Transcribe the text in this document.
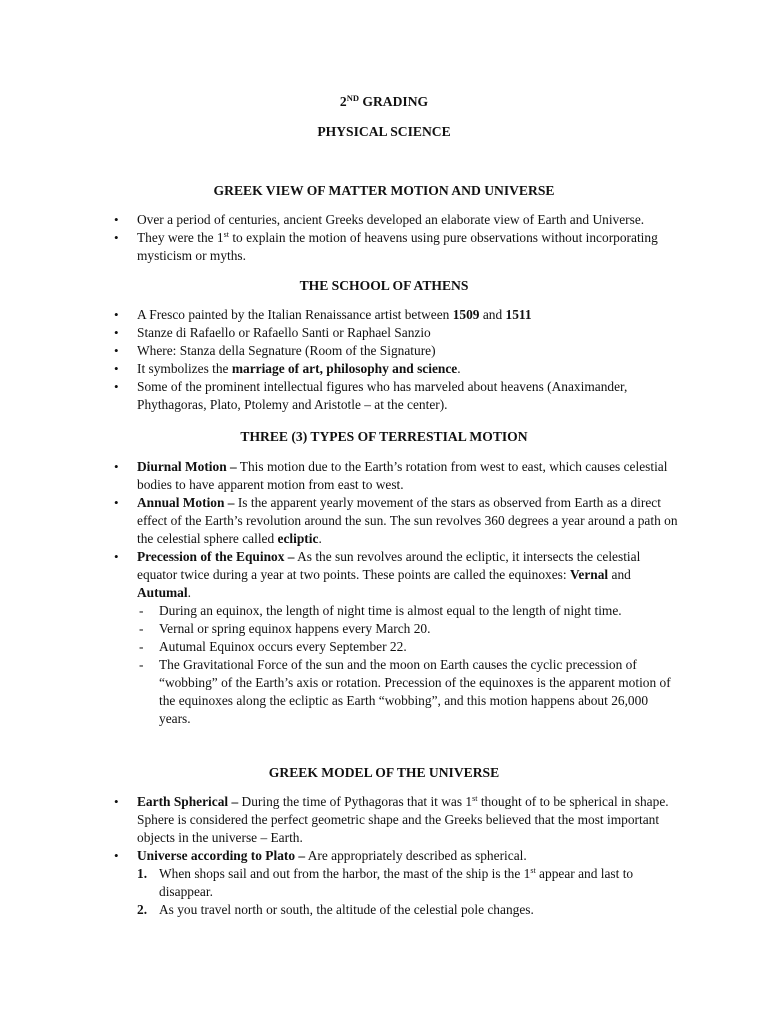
2ND GRADING
PHYSICAL SCIENCE
GREEK VIEW OF MATTER MOTION AND UNIVERSE
• Over a period of centuries, ancient Greeks developed an elaborate view of Earth and Universe.
• They were the 1st to explain the motion of heavens using pure observations without incorporating mysticism or myths.
THE SCHOOL OF ATHENS
• A Fresco painted by the Italian Renaissance artist between 1509 and 1511
• Stanze di Rafaello or Rafaello Santi or Raphael Sanzio
• Where: Stanza della Segnature (Room of the Signature)
• It symbolizes the marriage of art, philosophy and science.
• Some of the prominent intellectual figures who has marveled about heavens (Anaximander, Phythagoras, Plato, Ptolemy and Aristotle – at the center).
THREE (3) TYPES OF TERRESTIAL MOTION
• Diurnal Motion – This motion due to the Earth’s rotation from west to east, which causes celestial bodies to have apparent motion from east to west.
• Annual Motion – Is the apparent yearly movement of the stars as observed from Earth as a direct effect of the Earth’s revolution around the sun. The sun revolves 360 degrees a year around a path on the celestial sphere called ecliptic.
• Precession of the Equinox – As the sun revolves around the ecliptic, it intersects the celestial equator twice during a year at two points. These points are called the equinoxes: Vernal and Autumal.
- During an equinox, the length of night time is almost equal to the length of night time.
- Vernal or spring equinox happens every March 20.
- Autumal Equinox occurs every September 22.
- The Gravitational Force of the sun and the moon on Earth causes the cyclic precession of “wobbing” of the Earth’s axis or rotation. Precession of the equinoxes is the apparent motion of the equinoxes along the ecliptic as Earth “wobbing”, and this motion happens about 26,000 years.
GREEK MODEL OF THE UNIVERSE
• Earth Spherical – During the time of Pythagoras that it was 1st thought of to be spherical in shape. Sphere is considered the perfect geometric shape and the Greeks believed that the most important objects in the universe – Earth.
• Universe according to Plato – Are appropriately described as spherical.
1. When shops sail and out from the harbor, the mast of the ship is the 1st appear and last to disappear.
2. As you travel north or south, the altitude of the celestial pole changes.
